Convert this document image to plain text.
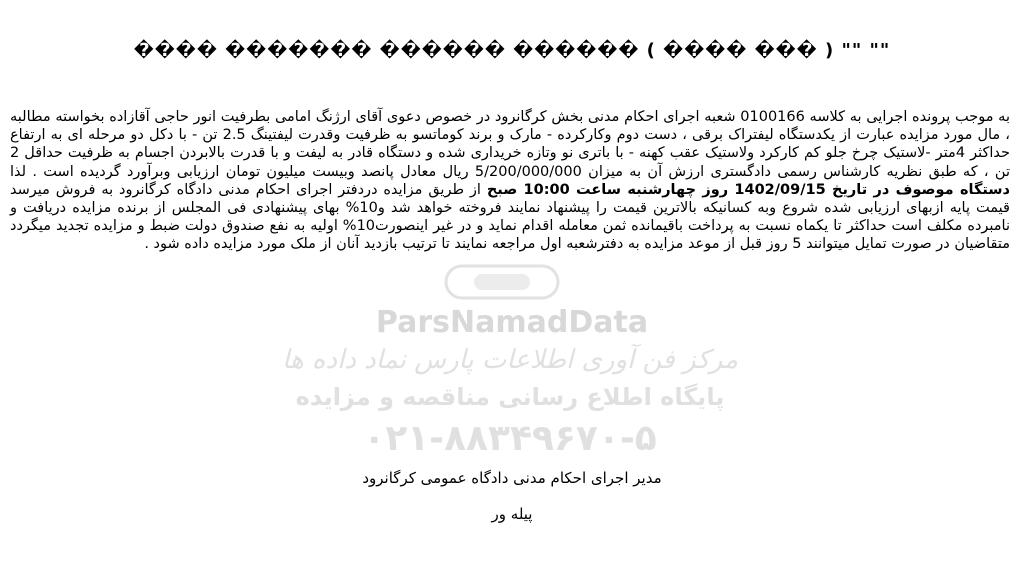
"" "" ( ��� ���� ) ������ ������ ������� ����
ParsNamadData
مرکز فن آوری اطلاعات پارس نماد داده ها
پایگاه اطلاع رسانی مناقصه و مزایده
۰۲۱-۸۸۳۴۹۶۷۰-۵
به موجب پرونده اجرایی به کلاسه 0100166 شعبه اجرای احکام مدنی بخش کرگانرود در خصوص دعوی آقای ارژنگ امامی بطرفیت انور حاجی آقازاده بخواسته مطالبه ، مال مورد مزایده عبارت از یکدستگاه لیفتراک برقی ، دست دوم وکارکرده - مارک و برند کوماتسو به ظرفیت وقدرت لیفتینگ 2.5 تن - با دکل دو مرحله ای به ارتفاع حداکثر 4متر -لاستیک چرخ جلو کم کارکرد ولاستیک عقب کهنه - با باتری نو وتازه خریداری شده و دستگاه قادر به لیفت و با قدرت بالابردن اجسام به ظرفیت حداقل 2 تن ، که طبق نظریه کارشناس رسمی دادگستری ارزش آن به میزان 5/200/000/000 ریال معادل پانصد وبیست میلیون تومان ارزیابی وبرآورد گردیده است . لذا دستگاه موصوف در تاریخ 1402/09/15 روز چهارشنبه ساعت 10:00 صبح از طریق مزایده دردفتر اجرای احکام مدنی دادگاه کرگانرود به فروش میرسد قیمت پایه ازبهای ارزیابی شده شروع وبه کسانیکه بالاترین قیمت را پیشنهاد نمایند فروخته خواهد شد و10% بهای پیشنهادی فی المجلس از برنده مزایده دریافت و نامبرده مکلف است حداکثر تا یکماه نسبت به پرداخت باقیمانده ثمن معامله اقدام نماید و در غیر اینصورت10% اولیه به نفع صندوق دولت ضبط و مزایده تجدید میگردد متقاضیان در صورت تمایل میتوانند 5 روز قبل از موعد مزایده به دفترشعبه اول مراجعه نمایند تا ترتیب بازدید آنان از ملک مورد مزایده داده شود .
مدیر اجرای احکام مدنی دادگاه عمومی کرگانرود
پیله ور
